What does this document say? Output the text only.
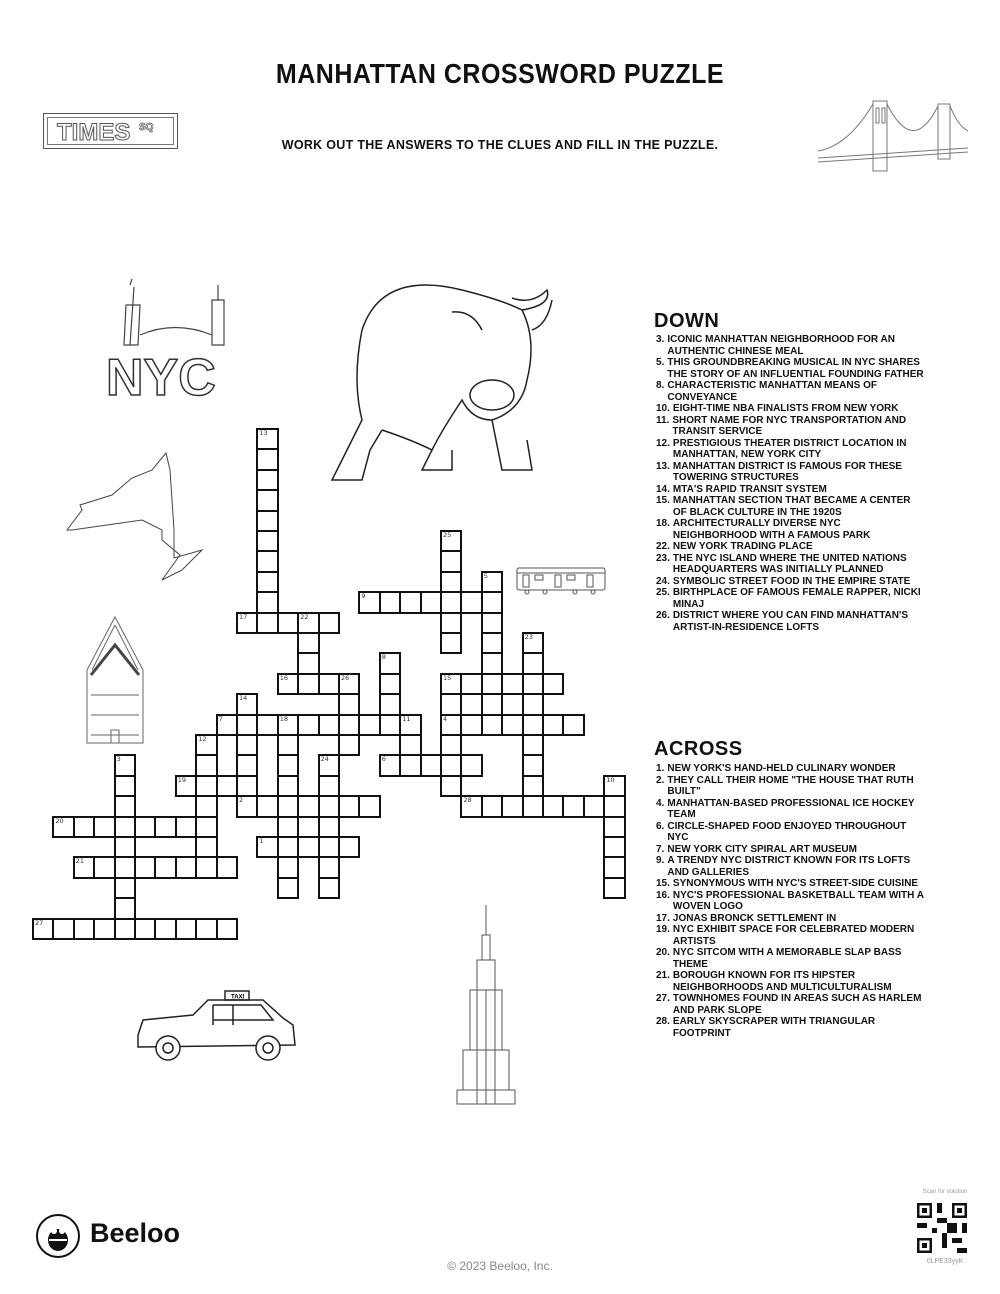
MANHATTAN CROSSWORD PUZZLE
WORK OUT THE ANSWERS TO THE CLUES AND FILL IN THE PUZZLE.
TIMES SQ
NYC
TAXI
13
25
5
9
17	22
23
8
16	26	15
4
14
2
7	18	11
12
3	24	6
19	10
28
20
1
21
27
DOWN
3. ICONIC MANHATTAN NEIGHBORHOOD FOR AN AUTHENTIC CHINESE MEAL
5. THIS GROUNDBREAKING MUSICAL IN NYC SHARES THE STORY OF AN INFLUENTIAL FOUNDING FATHER
8. CHARACTERISTIC MANHATTAN MEANS OF CONVEYANCE
10. EIGHT-TIME NBA FINALISTS FROM NEW YORK
11. SHORT NAME FOR NYC TRANSPORTATION AND TRANSIT SERVICE
12. PRESTIGIOUS THEATER DISTRICT LOCATION IN MANHATTAN, NEW YORK CITY
13. MANHATTAN DISTRICT IS FAMOUS FOR THESE TOWERING STRUCTURES
14. MTA'S RAPID TRANSIT SYSTEM
15. MANHATTAN SECTION THAT BECAME A CENTER OF BLACK CULTURE IN THE 1920S
18. ARCHITECTURALLY DIVERSE NYC NEIGHBORHOOD WITH A FAMOUS PARK
22. NEW YORK TRADING PLACE
23. THE NYC ISLAND WHERE THE UNITED NATIONS HEADQUARTERS WAS INITIALLY PLANNED
24. SYMBOLIC STREET FOOD IN THE EMPIRE STATE
25. BIRTHPLACE OF FAMOUS FEMALE RAPPER, NICKI MINAJ
26. DISTRICT WHERE YOU CAN FIND MANHATTAN'S ARTIST-IN-RESIDENCE LOFTS
ACROSS
1. NEW YORK'S HAND-HELD CULINARY WONDER
2. THEY CALL THEIR HOME "THE HOUSE THAT RUTH BUILT"
4. MANHATTAN-BASED PROFESSIONAL ICE HOCKEY TEAM
6. CIRCLE-SHAPED FOOD ENJOYED THROUGHOUT NYC
7. NEW YORK CITY SPIRAL ART MUSEUM
9. A TRENDY NYC DISTRICT KNOWN FOR ITS LOFTS AND GALLERIES
15. SYNONYMOUS WITH NYC'S STREET-SIDE CUISINE
16. NYC'S PROFESSIONAL BASKETBALL TEAM WITH A WOVEN LOGO
17. JONAS BRONCK SETTLEMENT IN
19. NYC EXHIBIT SPACE FOR CELEBRATED MODERN ARTISTS
20. NYC SITCOM WITH A MEMORABLE SLAP BASS THEME
21. BOROUGH KNOWN FOR ITS HIPSTER NEIGHBORHOODS AND MULTICULTURALISM
27. TOWNHOMES FOUND IN AREAS SUCH AS HARLEM AND PARK SLOPE
28. EARLY SKYSCRAPER WITH TRIANGULAR FOOTPRINT
Beeloo
© 2023 Beeloo, Inc.
Scan for solution
0LPE33yyK
